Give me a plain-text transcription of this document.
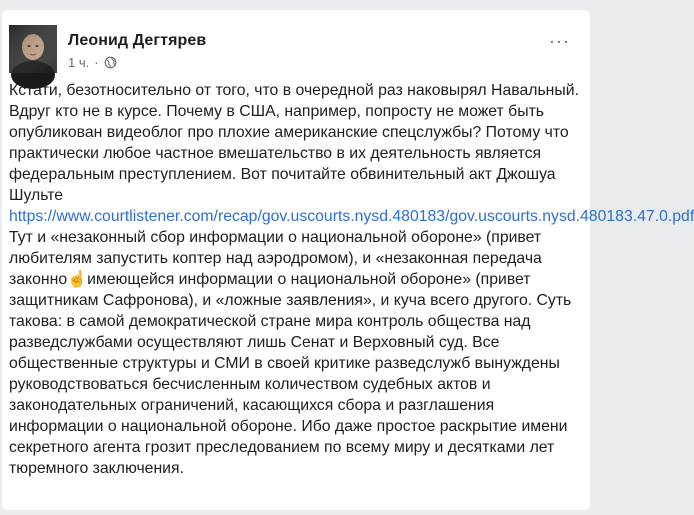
Леонид Дегтярев
1 ч. ·
···

Кстати, безотносительно от того, что в очередной раз наковырял Навальный. Вдруг кто не в курсе. Почему в США, например, попросту не может быть опубликован видеоблог про плохие американские спецслужбы? Потому что практически любое частное вмешательство в их деятельность является федеральным преступлением. Вот почитайте обвинительный акт Джошуа Шульте https://www.courtlistener.com/recap/gov.uscourts.nysd.480183/gov.uscourts.nysd.480183.47.0.pdf

Тут и «незаконный сбор информации о национальной обороне» (привет любителям запустить коптер над аэродромом), и «незаконная передача законно☝️имеющейся информации о национальной обороне» (привет защитникам Сафронова), и «ложные заявления», и куча всего другого. Суть такова: в самой демократической стране мира контроль общества над разведслужбами осуществляют лишь Сенат и Верховный суд. Все общественные структуры и СМИ в своей критике разведслужб вынуждены руководствоваться бесчисленным количеством судебных актов и законодательных ограничений, касающихся сбора и разглашения информации о национальной обороне. Ибо даже простое раскрытие имени секретного агента грозит преследованием по всему миру и десятками лет тюремного заключения.
